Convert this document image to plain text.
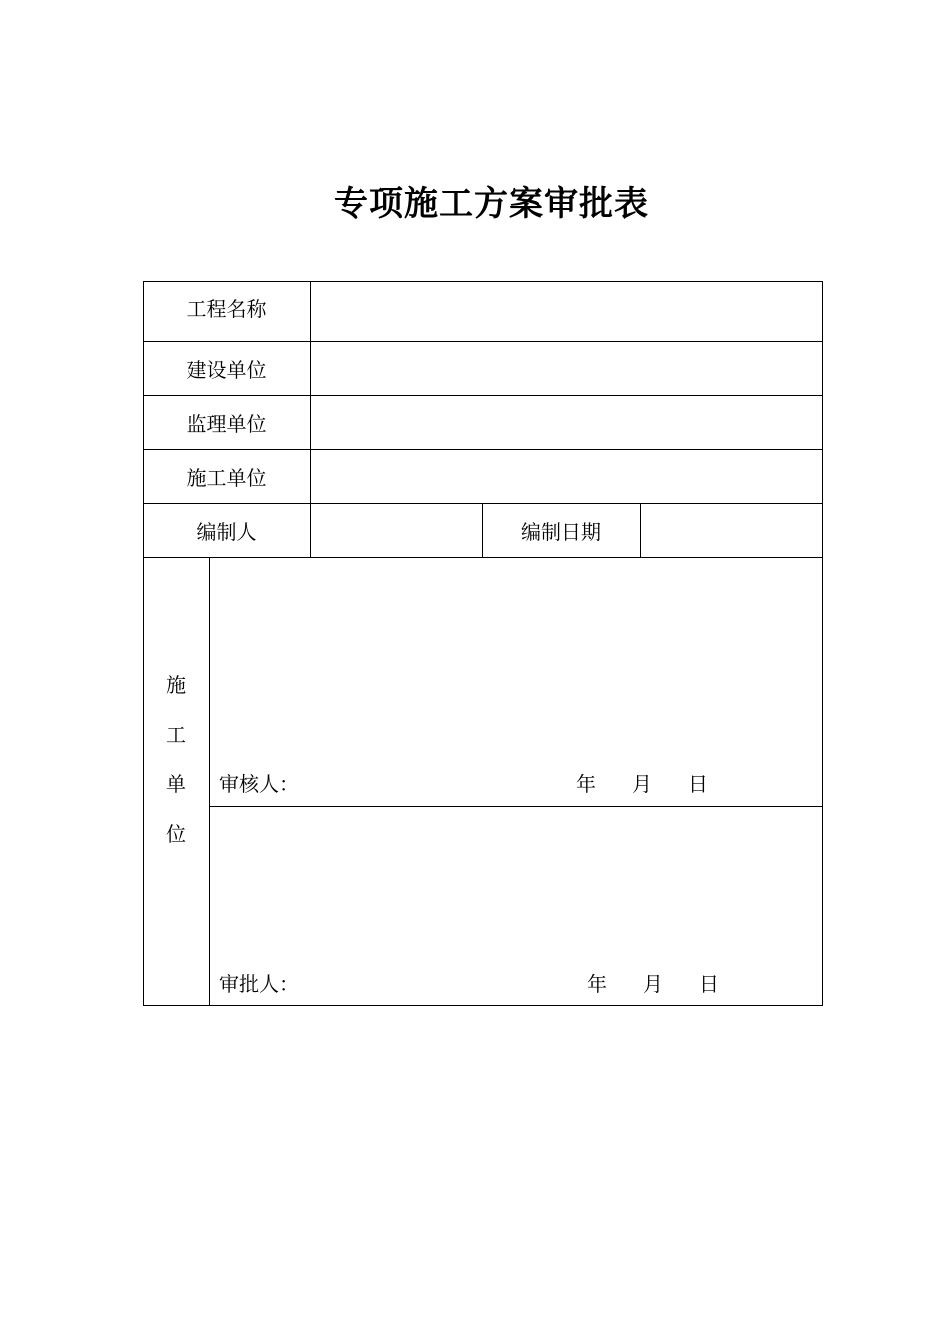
专项施工方案审批表
工程名称
建设单位
监理单位
施工单位
编制人	编制日期
施
工
单
位
审核人：	年 月 日
审批人：	年 月 日
